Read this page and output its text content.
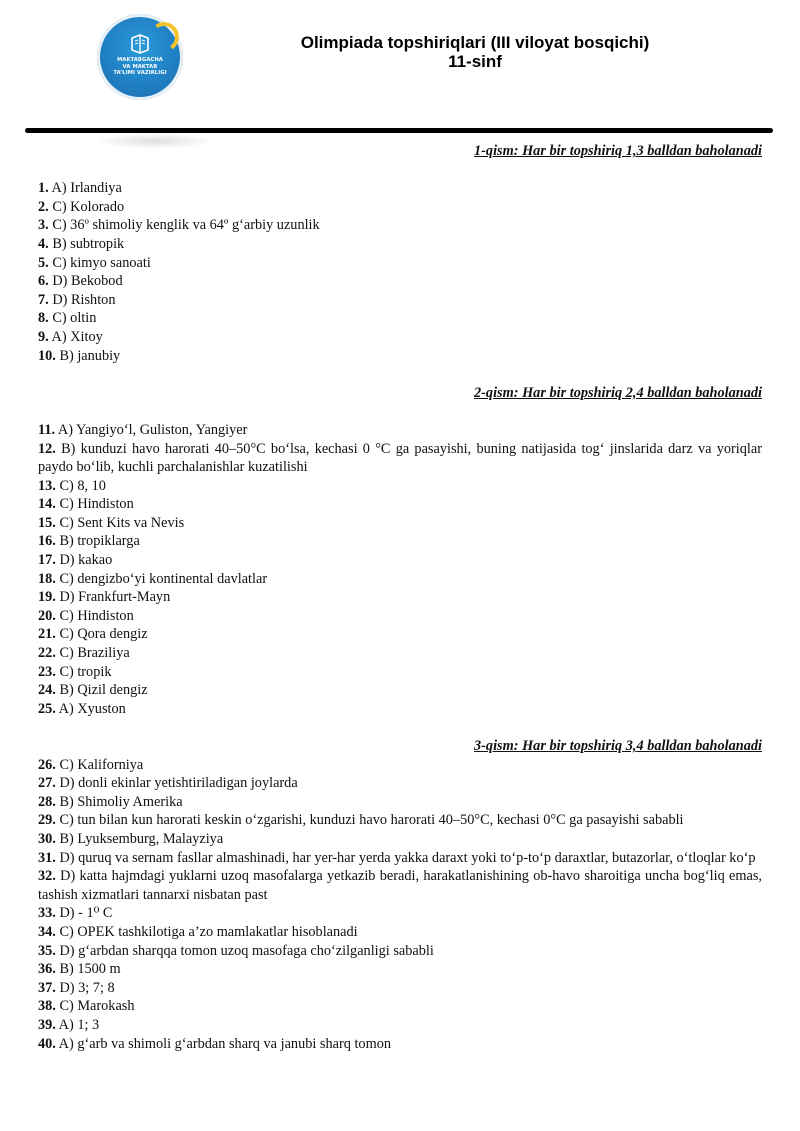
MAKTABGACHA
VA MAKTAB
TA’LIMI VAZIRLIGI
Olimpiada topshiriqlari (III viloyat bosqichi)
11-sinf
1-qism: Har bir topshiriq 1,3 balldan baholanadi
1. A) Irlandiya
2. C) Kolorado
3. C) 36º shimoliy kenglik va 64º g‘arbiy uzunlik
4. B) subtropik
5. C) kimyo sanoati
6. D) Bekobod
7. D) Rishton
8. C) oltin
9. A) Xitoy
10. B) janubiy
2-qism: Har bir topshiriq 2,4 balldan baholanadi
11. A) Yangiyo‘l, Guliston, Yangiyer
12. B) kunduzi havo harorati 40–50°C bo‘lsa, kechasi 0 °C ga pasayishi, buning natijasida tog‘ jinslarida darz va yoriqlar paydo bo‘lib, kuchli parchalanishlar kuzatilishi
13. C) 8, 10
14. C) Hindiston
15. C) Sent Kits va Nevis
16. B) tropiklarga
17. D) kakao
18. C) dengizbo‘yi kontinental davlatlar
19. D) Frankfurt-Mayn
20. C) Hindiston
21. C) Qora dengiz
22. C) Braziliya
23. C) tropik
24. B) Qizil dengiz
25. A) Xyuston
3-qism: Har bir topshiriq 3,4 balldan baholanadi
26. C) Kaliforniya
27. D) donli ekinlar yetishtiriladigan joylarda
28. B) Shimoliy Amerika
29. C) tun bilan kun harorati keskin o‘zgarishi, kunduzi havo harorati 40–50°C, kechasi 0°C ga pasayishi sababli
30. B) Lyuksemburg, Malayziya
31. D) quruq va sernam fasllar almashinadi, har yer-har yerda yakka daraxt yoki to‘p-to‘p daraxtlar, butazorlar, o‘tloqlar ko‘p
32. D) katta hajmdagi yuklarni uzoq masofalarga yetkazib beradi, harakatlanishining ob-havo sharoitiga uncha bog‘liq emas, tashish xizmatlari tannarxi nisbatan past
33. D) - 1⁰ C
34. C) OPEK tashkilotiga a’zo mamlakatlar hisoblanadi
35. D) g‘arbdan sharqqa tomon uzoq masofaga cho‘zilganligi sababli
36. B) 1500 m
37. D) 3; 7; 8
38. C) Marokash
39. A) 1; 3
40. A) g‘arb va shimoli g‘arbdan sharq va janubi sharq tomon
